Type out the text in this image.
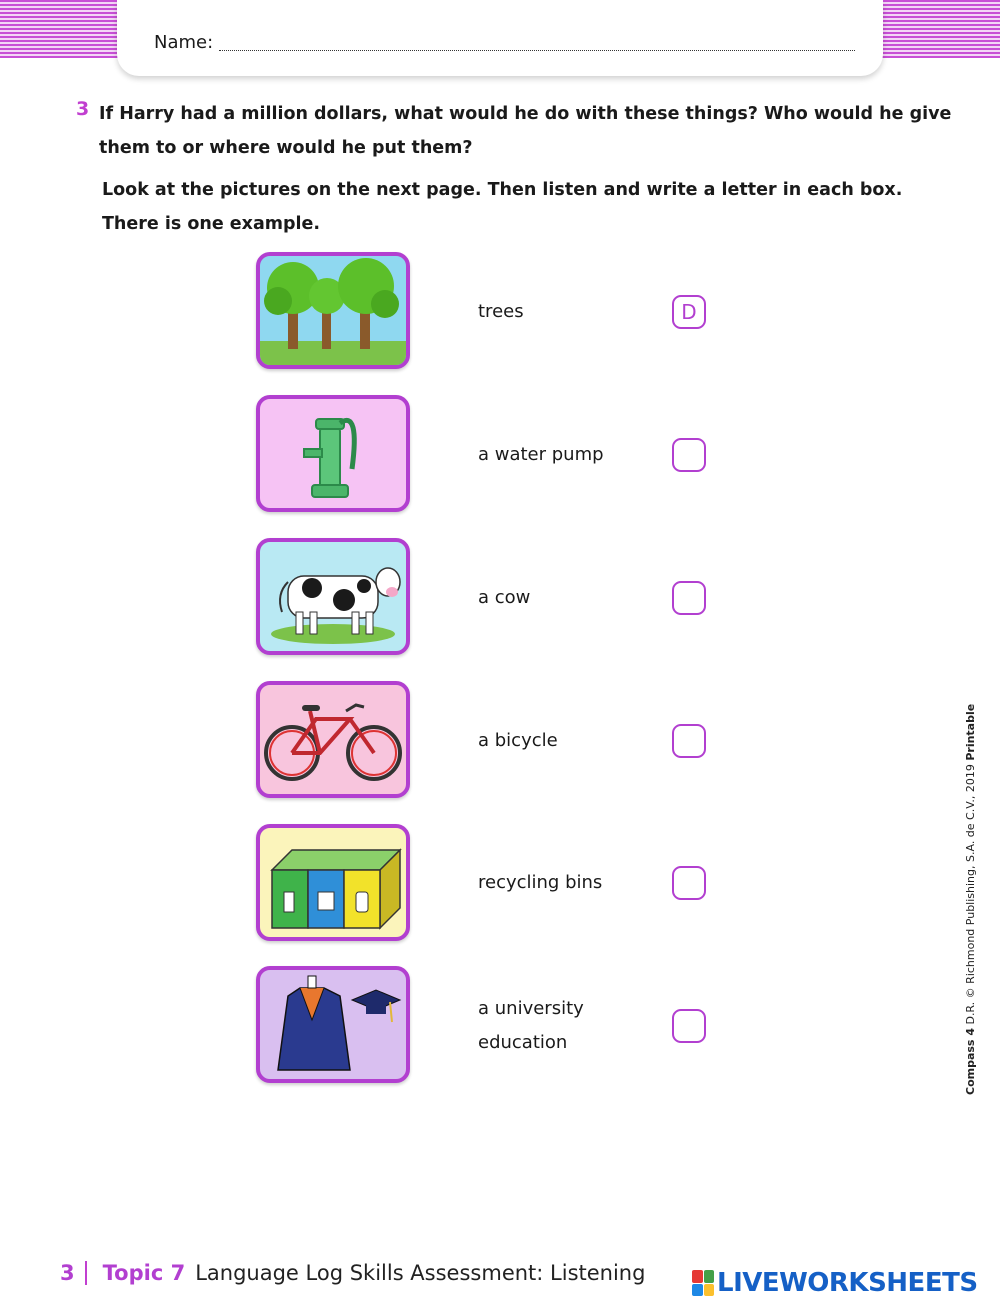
Name:
3 If Harry had a million dollars, what would he do with these things? Who would he give them to or where would he put them?

Look at the pictures on the next page. Then listen and write a letter in each box. There is one example.

trees	D
a water pump
a cow
a bicycle
recycling bins
a university education	Compass 4 D.R. © Richmond Publishing, S.A. de C.V., 2019 Printable
3 Topic 7 Language Log Skills Assessment: Listening	LIVEWORKSHEETS
